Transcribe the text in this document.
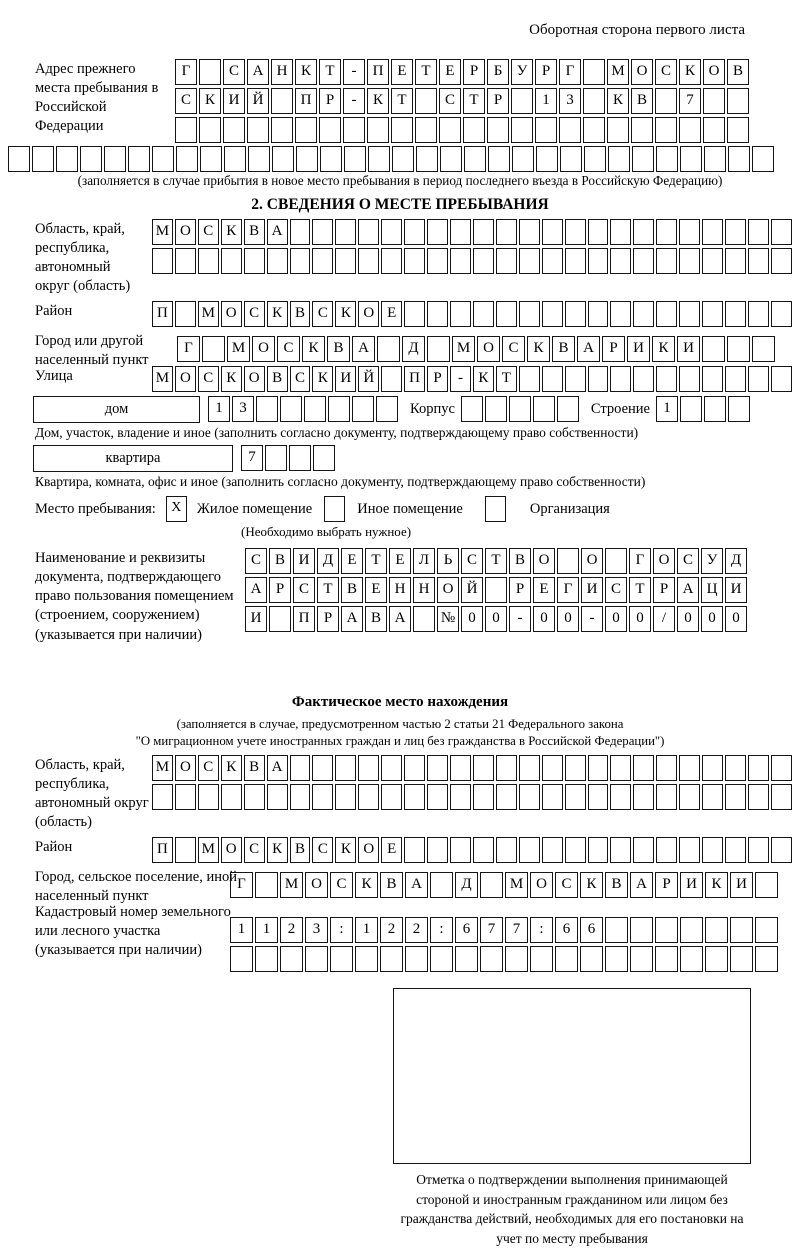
Оборотная сторона первого листа
Адрес прежнего места пребывания в Российской Федерации
Г	С А Н К Т	-	П Е Т Е	Р	Б У Р	Г	М О С К О В
С К И Й	П Р	-	К Т	С Т	Р	1	3	К В	7
(заполняется в случае прибытия в новое место пребывания в период последнего въезда в Российскую Федерацию)
2. СВЕДЕНИЯ О МЕСТЕ ПРЕБЫВАНИЯ
Область, край, республика, автономный округ (область)
М О С К В А
Район	П	М О С К В С К О Е
Город или другой населенный пункт
Г	М О С К В А	Д	М О С К В А	Р	И К И
Улица	М О С К О В С К И Й	П Р	-	К Т
дом	1	3	Корпус	Строение 1
Дом, участок, владение и иное (заполнить согласно документу, подтверждающему право собственности)
квартира	7
Квартира, комната, офис и иное (заполнить согласно документу, подтверждающему право собственности)
Место пребывания:	X	Жилое помещение	Иное помещение	Организация
(Необходимо выбрать нужное)
Наименование и реквизиты документа, подтверждающего право пользования помещением (строением, сооружением) (указывается при наличии)
С В И Д Е Т Е Л Ь С Т В О	О	Г О С У Д
А Р С Т В Е Н Н О Й	Р	Е	Г И С Т	Р А Ц И
И	П Р А В А	№ 0	0	-	0	0	-	0	0	/	0	0	0
Фактическое место нахождения
(заполняется в случае, предусмотренном частью 2 статьи 21 Федерального закона
"О миграционном учете иностранных граждан и лиц без гражданства в Российской Федерации")
Область, край, республика, автономный округ (область)
М О С К В А
Район	П	М О С К В С К О Е
Город, сельское поселение, иной населенный пункт
Г	М О С К В А	Д	М О С К В А	Р	И К И
Кадастровый номер земельного или лесного участка (указывается при наличии)
1	1	2	3	:	1	2	2	:	6	7	7	:	6	6
Отметка о подтверждении выполнения принимающей стороной и иностранным гражданином или лицом без гражданства действий, необходимых для его постановки на учет по месту пребывания
